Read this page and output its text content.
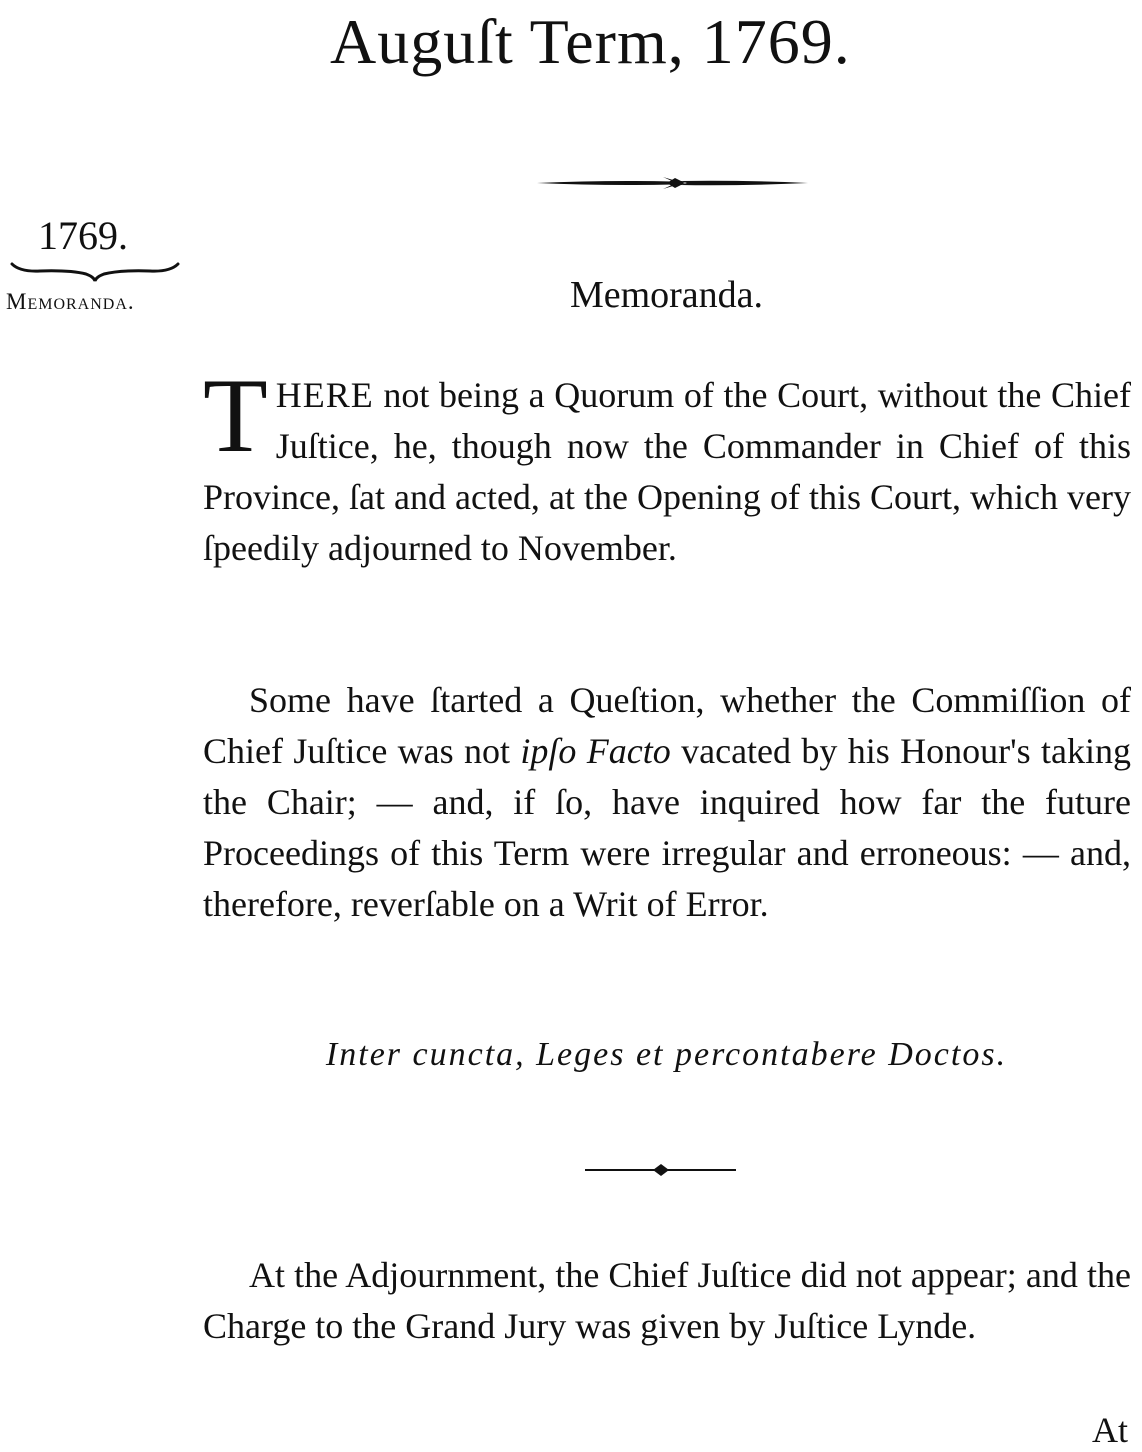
Auguſt Term, 1769.
1769.
Memoranda.	Memoranda.

THERE not being a Quorum of the Court, without the Chief Juſtice, he, though now the Commander in Chief of this Province, ſat and acted, at the Opening of this Court, which very ſpeedily adjourned to November.

Some have ſtarted a Queſtion, whether the Commiſſion of Chief Juſtice was not ipſo Facto vacated by his Honour's taking the Chair; — and, if ſo, have inquired how far the future Proceedings of this Term were irregular and erroneous: — and, therefore, reverſable on a Writ of Error.

Inter cuncta, Leges et percontabere Doctos.

At the Adjournment, the Chief Juſtice did not appear; and the Charge to the Grand Jury was given by Juſtice Lynde.

At
